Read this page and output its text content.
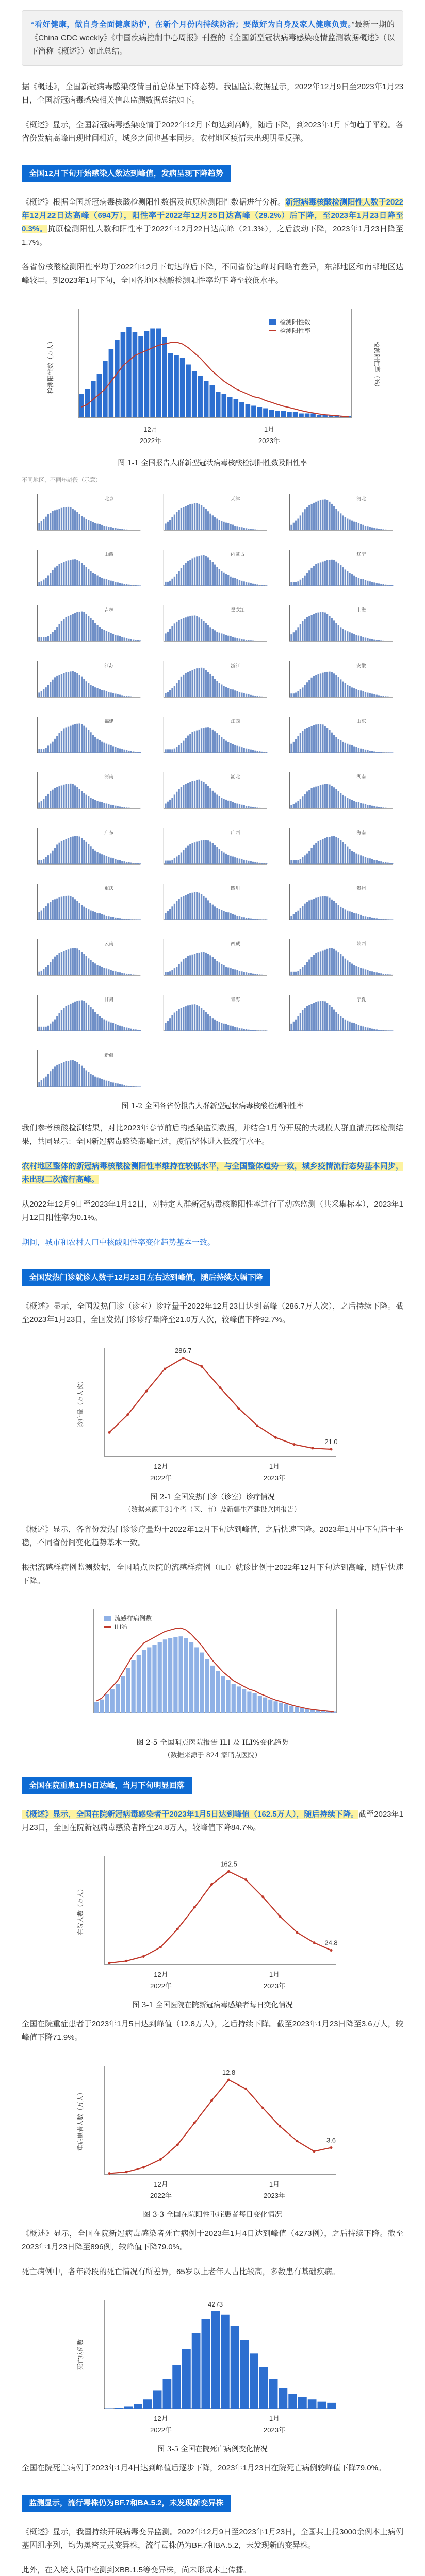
“看好健康，做自身全面健康防护，在新个月份内持续防治；要做好为自身及家人健康负责。”最新一期的《China CDC weekly》《中国疾病控制中心周报》刊登的《全国新型冠状病毒感染疫情监测数据概述》（以下简称《概述》）如此总结。

据《概述》，全国新冠病毒感染疫情目前总体呈下降态势。我国监测数据显示，2022年12月9日至2023年1月23日，全国新冠病毒感染相关信息监测数据总结如下。

《概述》显示，全国新冠病毒感染疫情于2022年12月下旬达到高峰，随后下降，到2023年1月下旬趋于平稳。各省份发病高峰出现时间相近，城乡之间也基本同步。农村地区疫情未出现明显反弹。

全国12月下旬开始感染人数达到峰值，发病呈现下降趋势

《概述》根据全国新冠病毒核酸检测阳性数据及抗原检测阳性数据进行分析。新冠病毒核酸检测阳性人数于2022年12月22日达高峰（694万），阳性率于2022年12月25日达高峰（29.2%）后下降，至2023年1月23日降至0.3%。抗原检测阳性人数和阳性率于2022年12月22日达高峰（21.3%），之后波动下降，2023年1月23日降至1.7%。

各省份核酸检测阳性率均于2022年12月下旬达峰后下降，不同省份达峰时间略有差异，东部地区和南部地区达峰较早。到2023年1月下旬，全国各地区核酸检测阳性率均下降至较低水平。

检测阳性数
检测阳性率
检测阳性数（万人）	检测阳性率（%）
12月	1月
2022年	2023年
图 1-1 全国报告人群新型冠状病毒核酸检测阳性数及阳性率
不同地区、不同年龄段（示意）
北京	天津	河北
山西	内蒙古	辽宁
吉林	黑龙江	上海
江苏	浙江	安徽
福建	江西	山东
河南	湖北	湖南
广东	广西	海南
重庆	四川	贵州
云南	西藏	陕西
甘肃	青海	宁夏
新疆
图 1-2 全国各省份报告人群新型冠状病毒核酸检测阳性率

我们参考核酸检测结果，对比2023年春节前后的感染监测数据，并结合1月份开展的大规模人群血清抗体检测结果，共同显示：全国新冠病毒感染高峰已过，疫情整体进入低流行水平。

农村地区整体的新冠病毒核酸检测阳性率维持在较低水平，与全国整体趋势一致，城乡疫情流行态势基本同步，未出现二次流行高峰。

从2022年12月9日至2023年1月12日，对特定人群新冠病毒核酸阳性率进行了动态监测（共采集标本），2023年1月12日阳性率为0.1%。

期间，城市和农村人口中核酸阳性率变化趋势基本一致。

全国发热门诊就诊人数于12月23日左右达到峰值，随后持续大幅下降

《概述》显示，全国发热门诊（诊室）诊疗量于2022年12月23日达到高峰（286.7万人次），之后持续下降。截至2023年1月23日，全国发热门诊诊疗量降至21.0万人次，较峰值下降92.7%。

286.7
21.0
诊疗量（万人次）
12月	1月
2022年	2023年
图 2-1 全国发热门诊（诊室）诊疗情况
（数据来源于31个省（区、市）及新疆生产建设兵团报告）

《概述》显示，各省份发热门诊诊疗量均于2022年12月下旬达到峰值，之后快速下降。2023年1月中下旬趋于平稳，不同省份间变化趋势基本一致。

根据流感样病例监测数据，全国哨点医院的流感样病例（ILI）就诊比例于2022年12月下旬达到高峰，随后快速下降。

流感样病例数
ILI%
图 2-5 全国哨点医院报告 ILI 及 ILI%变化趋势
（数据来源于 824 家哨点医院）
全国在院重患1月5日达峰，当月下旬明显回落

《概述》显示，全国在院新冠病毒感染者于2023年1月5日达到峰值（162.5万人），随后持续下降。截至2023年1月23日，全国在院新冠病毒感染者降至24.8万人，较峰值下降84.7%。

162.5
24.8
在院人数（万人）
12月	1月
2022年	2023年
图 3-1 全国医院在院新冠病毒感染者每日变化情况

全国在院重症患者于2023年1月5日达到峰值（12.8万人），之后持续下降。截至2023年1月23日降至3.6万人，较峰值下降71.9%。

12.8
3.6
重症患者人数（万人）
12月	1月
2022年	2023年
图 3-3 全国在院阳性重症患者每日变化情况

《概述》显示，全国在院新冠病毒感染者死亡病例于2023年1月4日达到峰值（4273例），之后持续下降。截至2023年1月23日降至896例，较峰值下降79.0%。

死亡病例中，各年龄段的死亡情况有所差异，65岁以上老年人占比较高，多数患有基础疾病。

4273
死亡病例数
12月	1月
2022年	2023年
图 3-5 全国在院死亡病例变化情况

全国在院死亡病例于2023年1月4日达到峰值后逐步下降，2023年1月23日在院死亡病例较峰值下降79.0%。

监测显示，流行毒株仍为BF.7和BA.5.2，未发现新变异株

《概述》显示，我国持续开展病毒变异监测。2022年12月9日至2023年1月23日，全国共上报3000余例本土病例基因组序列，均为奥密克戎变异株，流行毒株仍为BF.7和BA.5.2，未发现新的变异株。

此外，在入境人员中检测到XBB.1.5等变异株，尚未形成本土传播。
